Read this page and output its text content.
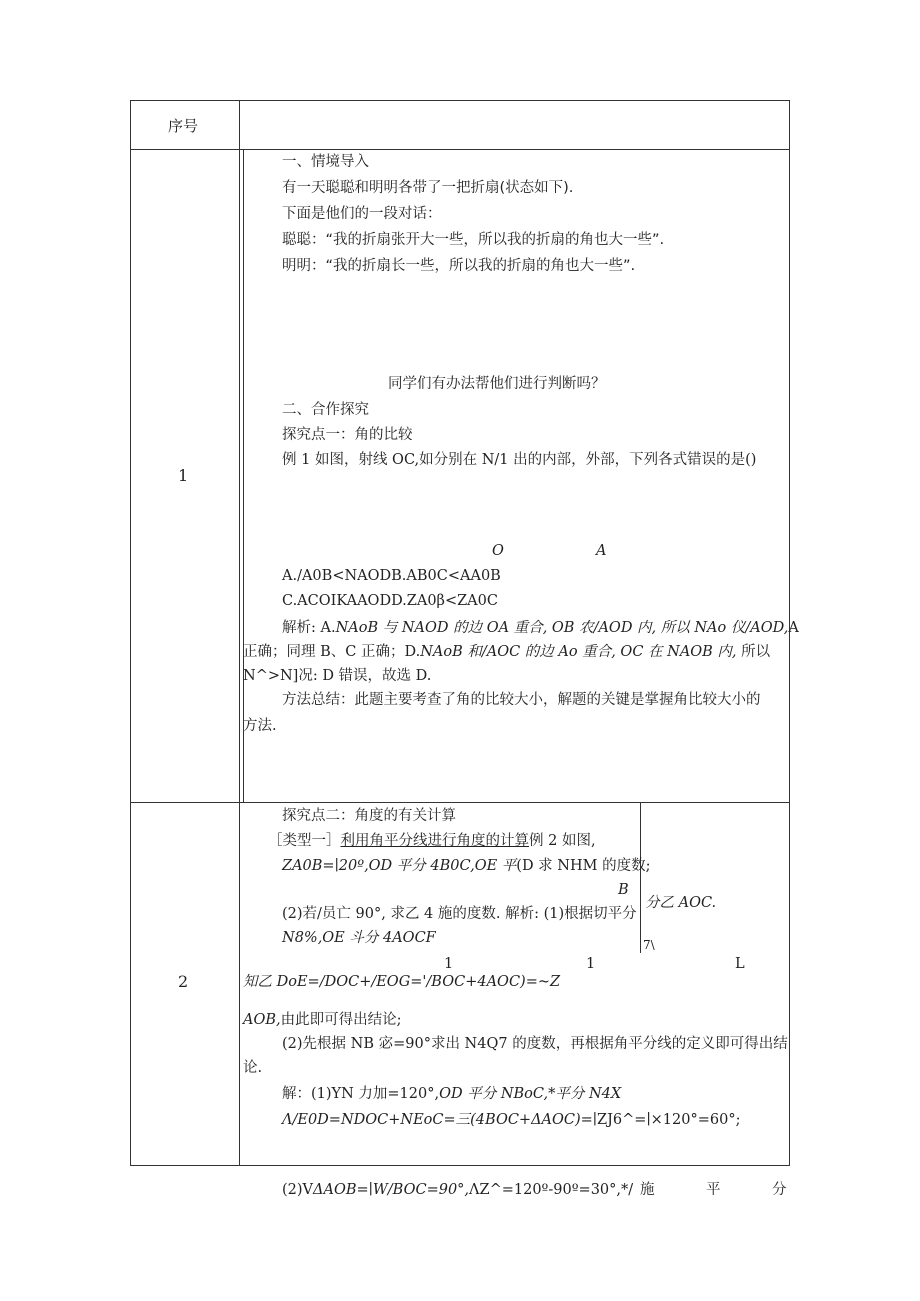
序号
1
一、情境导入
有一天聪聪和明明各带了一把折扇(状态如下).
下面是他们的一段对话：
聪聪：“我的折扇张开大一些，所以我的折扇的角也大一些”.
明明：“我的折扇长一些，所以我的折扇的角也大一些”.
同学们有办法帮他们进行判断吗？
二、合作探究
探究点一：角的比较
例 1 如图，射线 OC,如分别在 N/1 出的内部，外部，下列各式错误的是()
O	A
A./A0B<NAODB.AB0C<AA0B
C.ACOIKAAODD.ZA0β<ZA0C
解析: A.NAoB 与 NAOD 的边 OA 重合, OB 农/AOD 内, 所以 NAo 仪/AOD,A
正确；同理 B、C 正确；D.NAoB 和/AOC 的边 Ao 重合, OC 在 NAOB 内, 所以
N^>N]况: D 错误，故选 D.
方法总结：此题主要考查了角的比较大小，解题的关键是掌握角比较大小的
方法.
2
探究点二：角度的有关计算
［类型一］利用角平分线进行角度的计算例 2 如图,
ZA0B=∣20º,OD 平分 4B0C,OE 平(D 求 NHM 的度数;
B
分乙 AOC.
7\
(2)若/员亡 90°, 求乙 4 施的度数. 解析: (1)根据切平分
N8%,OE 斗分 4AOCF
1	1	L
知乙 DoE=/DOC+/EOG='/BOC+4AOC)=~Z
AOB,由此即可得出结论;
(2)先根据 NB 宓=90°求出 N4Q7 的度数，再根据角平分线的定义即可得出结
论.
解：(1)YN 力加=120°,OD 平分 NBoC,*平分 N4X
Λ/E0D=NDOC+NEoC=三(4BOC+ΔAOC)=∣ZJ6^=∣×120°=60°;
(2)VΔAOB=∣W/BOC=90°,ΛZ^=120º-90º=30°,*/ 施	平	分
